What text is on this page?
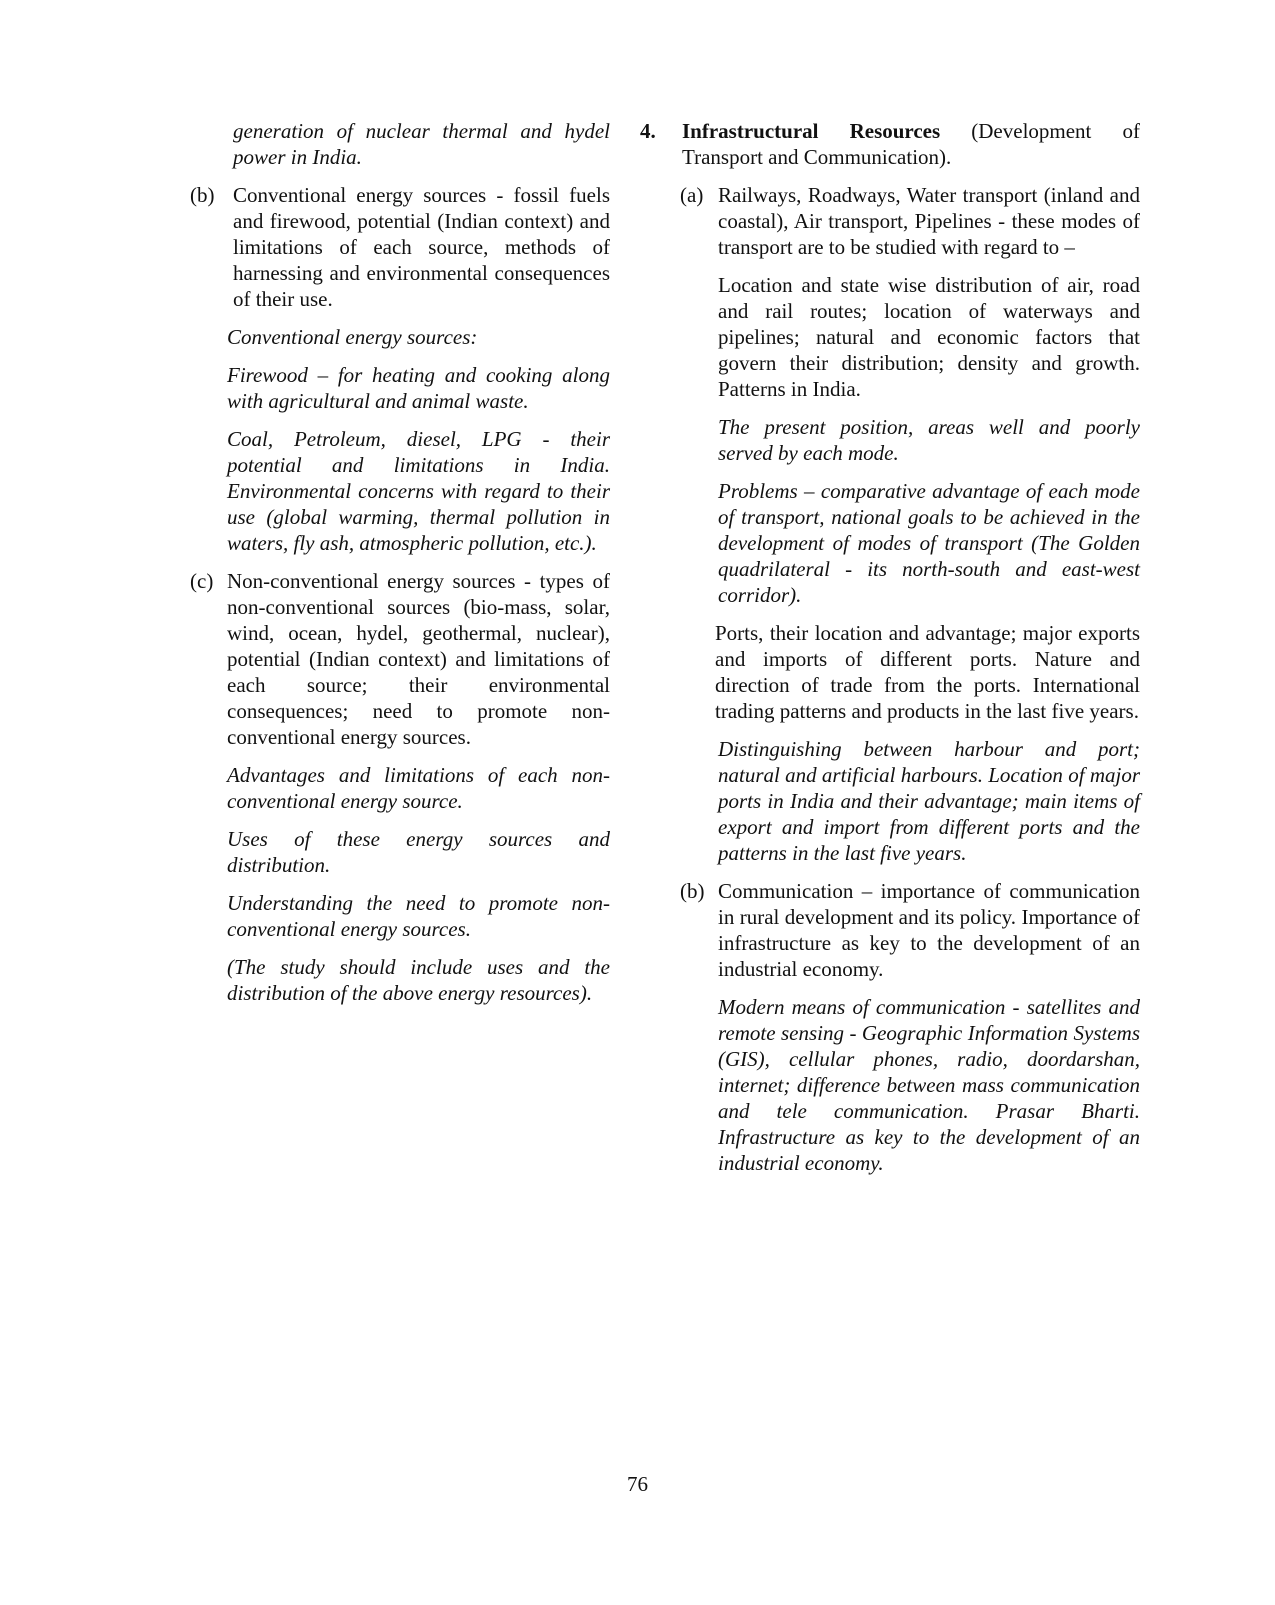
generation of nuclear thermal and hydel power in India.

(b) Conventional energy sources - fossil fuels and firewood, potential (Indian context) and limitations of each source, methods of harnessing and environmental consequences of their use.

Conventional energy sources:

Firewood – for heating and cooking along with agricultural and animal waste.

Coal, Petroleum, diesel, LPG - their potential and limitations in India. Environmental concerns with regard to their use (global warming, thermal pollution in waters, fly ash, atmospheric pollution, etc.).

(c) Non-conventional energy sources - types of non-conventional sources (bio-mass, solar, wind, ocean, hydel, geothermal, nuclear), potential (Indian context) and limitations of each source; their environmental consequences; need to promote non-conventional energy sources.

Advantages and limitations of each non-conventional energy source.

Uses of these energy sources and distribution.

Understanding the need to promote non-conventional energy sources.

(The study should include uses and the distribution of the above energy resources).

4.	Infrastructural Resources (Development of Transport and Communication).

(a) Railways, Roadways, Water transport (inland and coastal), Air transport, Pipelines - these modes of transport are to be studied with regard to –

Location and state wise distribution of air, road and rail routes; location of waterways and pipelines; natural and economic factors that govern their distribution; density and growth. Patterns in India.

The present position, areas well and poorly served by each mode.

Problems – comparative advantage of each mode of transport, national goals to be achieved in the development of modes of transport (The Golden quadrilateral - its north-south and east-west corridor).

Ports, their location and advantage; major exports and imports of different ports. Nature and direction of trade from the ports. International trading patterns and products in the last five years.

Distinguishing between harbour and port; natural and artificial harbours. Location of major ports in India and their advantage; main items of export and import from different ports and the patterns in the last five years.

(b) Communication – importance of communication in rural development and its policy. Importance of infrastructure as key to the development of an industrial economy.

Modern means of communication - satellites and remote sensing - Geographic Information Systems (GIS), cellular phones, radio, doordarshan, internet; difference between mass communication and tele communication. Prasar Bharti. Infrastructure as key to the development of an industrial economy.

76
